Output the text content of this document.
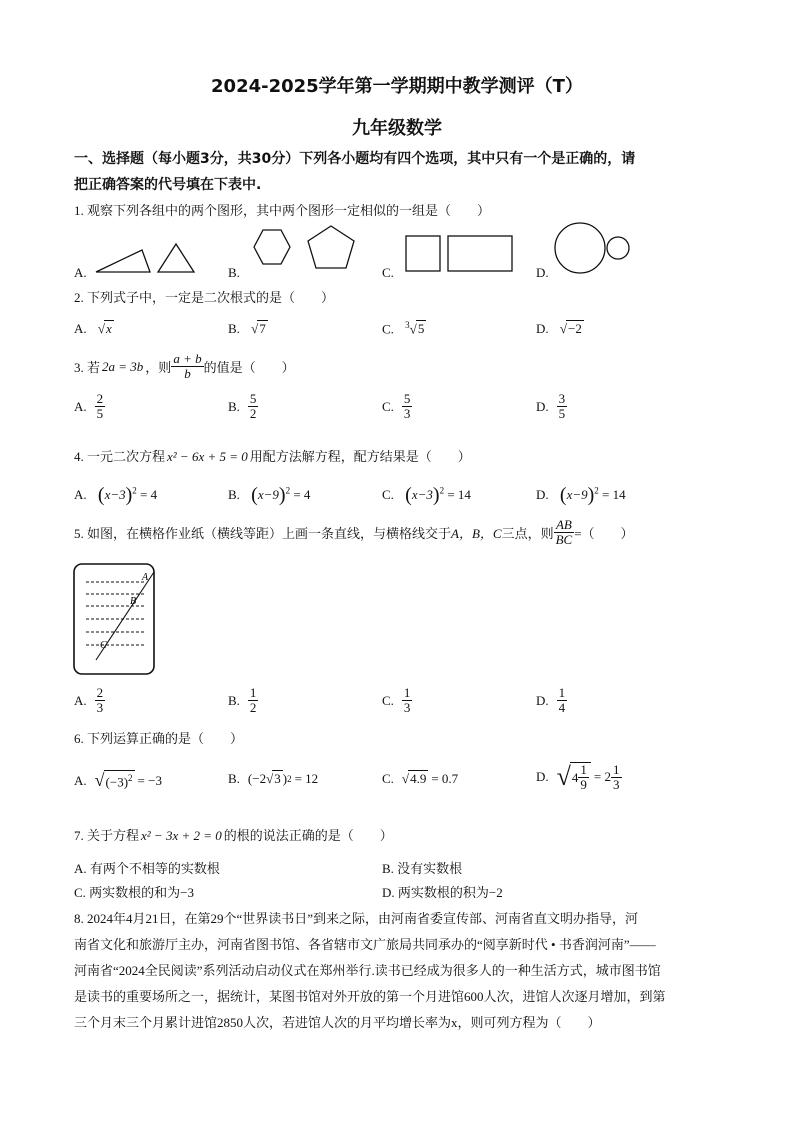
2024-2025学年第一学期期中教学测评（T）
九年级数学
一、选择题（每小题3分，共30分）下列各小题均有四个选项，其中只有一个是正确的，请
把正确答案的代号填在下表中.
1. 观察下列各组中的两个图形，其中两个图形一定相似的一组是（　　）
A.	B.	C.	D.
2. 下列式子中，一定是二次根式的是（　　）
A. √x	B. √7	C. $^3$√5	D. √−2
3. 若 2a = 3b ，则 $\frac{a + b}{b}$ 的值是（　　）
A. $\frac{2}{5}$	B. $\frac{5}{2}$	C. $\frac{5}{3}$	D. $\frac{3}{5}$
4. 一元二次方程 x² − 6x + 5 = 0 用配方法解方程，配方结果是（　　）
A. $(x-3)^2 = 4$	B. $(x-9)^2 = 4$	C. $(x-3)^2 = 14$	D. $(x-9)^2 = 14$
5. 如图，在横格作业纸（横线等距）上画一条直线，与横格线交于 A，B，C 三点，则 $\frac{AB}{BC}$ =（　　）
A
B
C
A. $\frac{2}{3}$	B. $\frac{1}{2}$	C. $\frac{1}{3}$	D. $\frac{1}{4}$
6. 下列运算正确的是（　　）
A. √ $(-3)^2 = -3$	B. (−2 √ 3 ) 2 = 12	C. √ 4.9 = 0.7	D. √ $4 \frac{1}{9} = 2 \frac{1}{3}$
7. 关于方程 x² − 3x + 2 = 0 的根的说法正确的是（　　）
A. 有两个不相等的实数根	B. 没有实数根
C. 两实数根的和为−3	D. 两实数根的积为−2
8. 2024年4月21日，在第29个“世界读书日”到来之际，由河南省委宣传部、河南省直文明办指导，河
南省文化和旅游厅主办，河南省图书馆、各省辖市文广旅局共同承办的“阅享新时代 • 书香润河南”——
河南省“2024全民阅读”系列活动启动仪式在郑州举行.读书已经成为很多人的一种生活方式，城市图书馆
是读书的重要场所之一，据统计，某图书馆对外开放的第一个月进馆600人次，进馆人次逐月增加，到第
三个月末三个月累计进馆2850人次，若进馆人次的月平均增长率为x，则可列方程为（　　）
